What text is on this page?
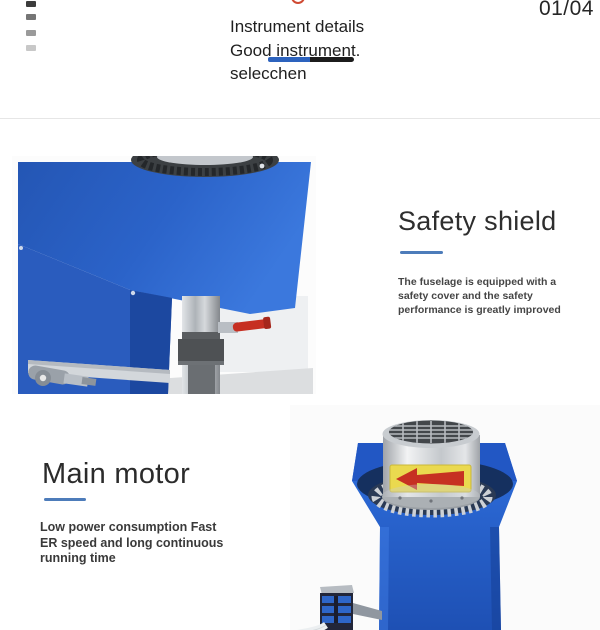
Instrument details
Good instrument.
selecchen
01/04
Safety shield
The fuselage is equipped with a
safety cover and the safety
performance is greatly improved
Main motor
Low power consumption Fast
ER speed and long continuous
running time
